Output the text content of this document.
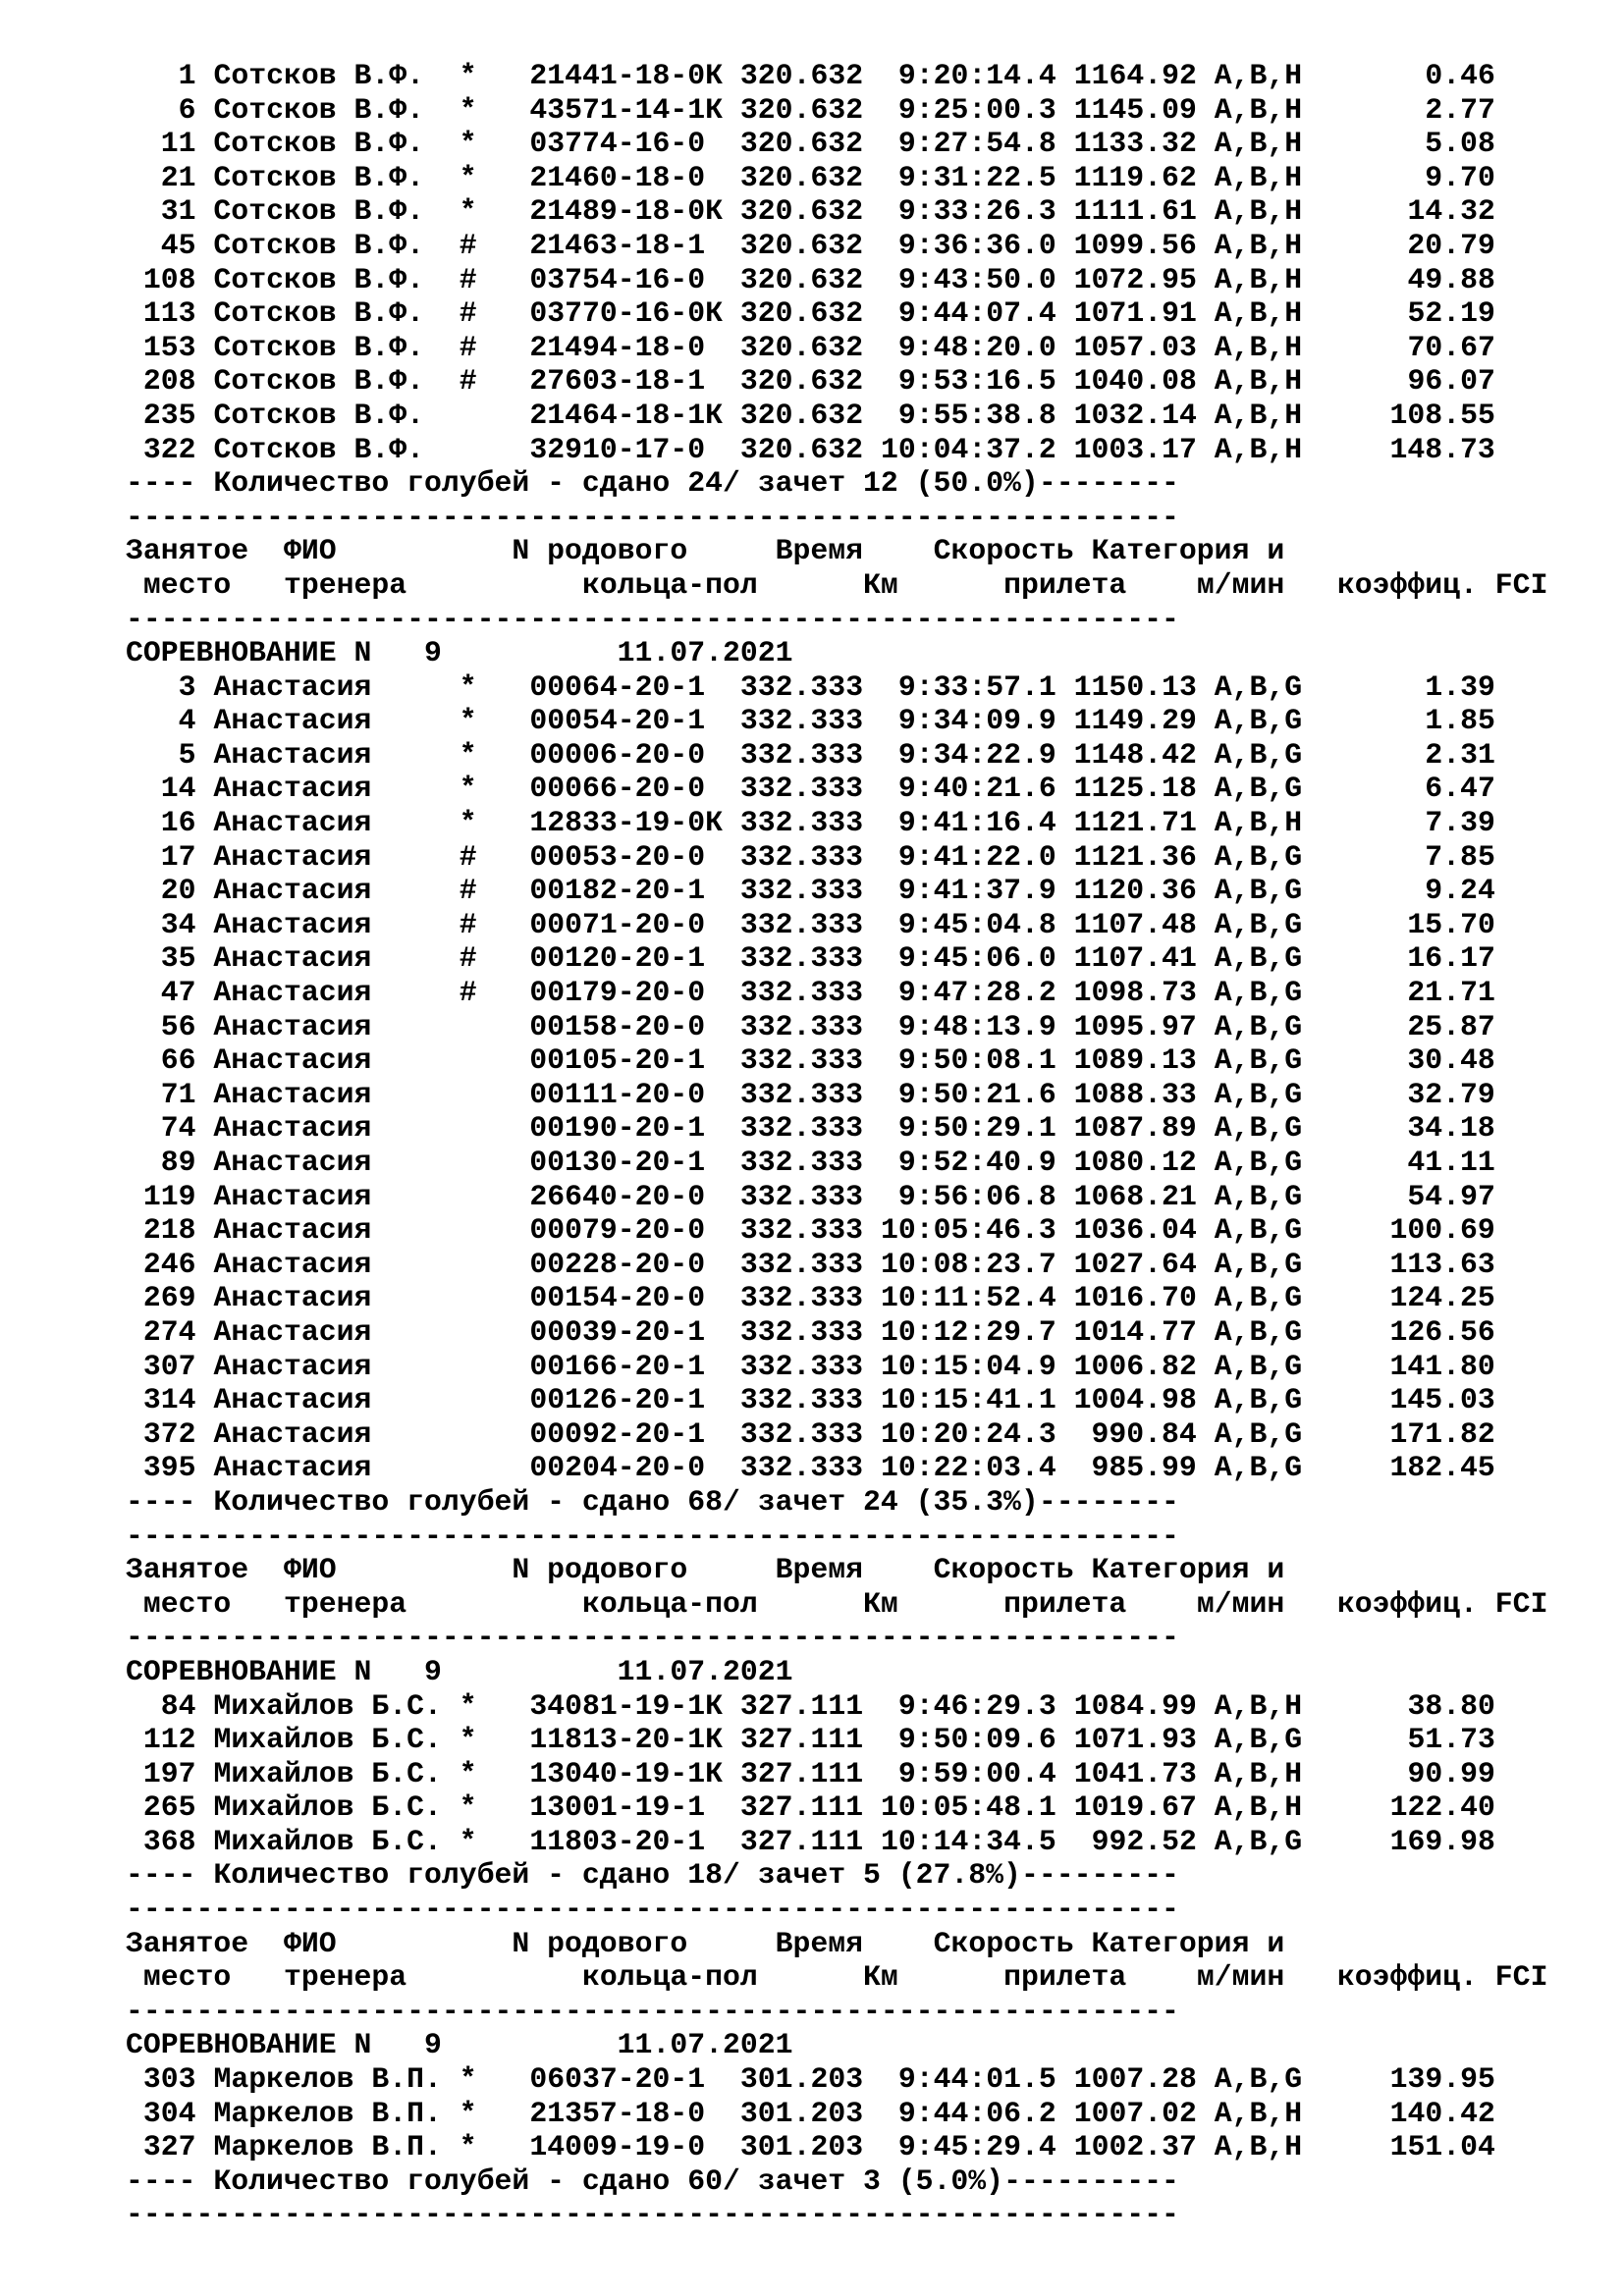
1 Сотсков В.Ф. * 21441-18-0К 320.632 9:20:14.4 1164.92 A,B,H	0.46
6 Сотсков В.Ф. * 43571-14-1К 320.632 9:25:00.3 1145.09 A,B,H	2.77
11 Сотсков В.Ф. * 03774-16-0 320.632 9:27:54.8 1133.32 A,B,H	5.08
21 Сотсков В.Ф. * 21460-18-0 320.632 9:31:22.5 1119.62 A,B,H	9.70
31 Сотсков В.Ф. * 21489-18-0К 320.632 9:33:26.3 1111.61 A,B,H	14.32
45 Сотсков В.Ф. # 21463-18-1 320.632 9:36:36.0 1099.56 A,B,H	20.79
108 Сотсков В.Ф. # 03754-16-0 320.632 9:43:50.0 1072.95 A,B,H	49.88
113 Сотсков В.Ф. # 03770-16-0К 320.632 9:44:07.4 1071.91 A,B,H	52.19
153 Сотсков В.Ф. # 21494-18-0 320.632 9:48:20.0 1057.03 A,B,H	70.67
208 Сотсков В.Ф. # 27603-18-1 320.632 9:53:16.5 1040.08 A,B,H	96.07
235 Сотсков В.Ф.	21464-18-1К 320.632 9:55:38.8 1032.14 A,B,H	108.55
322 Сотсков В.Ф.	32910-17-0 320.632 10:04:37.2 1003.17 A,B,H	148.73
---- Количество голубей - сдано 24/ зачет 12 (50.0%)--------
------------------------------------------------------------
Занятое ФИО	N родового	Время Скорость Категория и
место тренера	кольца-пол	Км	прилета м/мин коэффиц. FCI
------------------------------------------------------------
СОРЕВНОВАНИЕ N   9	11.07.2021
3 Анастасия	* 00064-20-1 332.333 9:33:57.1 1150.13 A,B,G	1.39
4 Анастасия	* 00054-20-1 332.333 9:34:09.9 1149.29 A,B,G	1.85
5 Анастасия	* 00006-20-0 332.333 9:34:22.9 1148.42 A,B,G	2.31
14 Анастасия	* 00066-20-0 332.333 9:40:21.6 1125.18 A,B,G	6.47
16 Анастасия	* 12833-19-0К 332.333 9:41:16.4 1121.71 A,B,H	7.39
17 Анастасия	# 00053-20-0 332.333 9:41:22.0 1121.36 A,B,G	7.85
20 Анастасия	# 00182-20-1 332.333 9:41:37.9 1120.36 A,B,G	9.24
34 Анастасия	# 00071-20-0 332.333 9:45:04.8 1107.48 A,B,G	15.70
35 Анастасия	# 00120-20-1 332.333 9:45:06.0 1107.41 A,B,G	16.17
47 Анастасия	# 00179-20-0 332.333 9:47:28.2 1098.73 A,B,G	21.71
56 Анастасия	00158-20-0 332.333 9:48:13.9 1095.97 A,B,G	25.87
66 Анастасия	00105-20-1 332.333 9:50:08.1 1089.13 A,B,G	30.48
71 Анастасия	00111-20-0 332.333 9:50:21.6 1088.33 A,B,G	32.79
74 Анастасия	00190-20-1 332.333 9:50:29.1 1087.89 A,B,G	34.18
89 Анастасия	00130-20-1 332.333 9:52:40.9 1080.12 A,B,G	41.11
119 Анастасия	26640-20-0 332.333 9:56:06.8 1068.21 A,B,G	54.97
218 Анастасия	00079-20-0 332.333 10:05:46.3 1036.04 A,B,G	100.69
246 Анастасия	00228-20-0 332.333 10:08:23.7 1027.64 A,B,G	113.63
269 Анастасия	00154-20-0 332.333 10:11:52.4 1016.70 A,B,G	124.25
274 Анастасия	00039-20-1 332.333 10:12:29.7 1014.77 A,B,G	126.56
307 Анастасия	00166-20-1 332.333 10:15:04.9 1006.82 A,B,G	141.80
314 Анастасия	00126-20-1 332.333 10:15:41.1 1004.98 A,B,G	145.03
372 Анастасия	00092-20-1 332.333 10:20:24.3 990.84 A,B,G	171.82
395 Анастасия	00204-20-0 332.333 10:22:03.4 985.99 A,B,G	182.45
---- Количество голубей - сдано 68/ зачет 24 (35.3%)--------
------------------------------------------------------------
Занятое ФИО	N родового	Время Скорость Категория и
место тренера	кольца-пол	Км	прилета м/мин коэффиц. FCI
------------------------------------------------------------
СОРЕВНОВАНИЕ N   9	11.07.2021
84 Михайлов Б.С. * 34081-19-1К 327.111 9:46:29.3 1084.99 A,B,H	38.80
112 Михайлов Б.С. * 11813-20-1К 327.111 9:50:09.6 1071.93 A,B,G	51.73
197 Михайлов Б.С. * 13040-19-1К 327.111 9:59:00.4 1041.73 A,B,H	90.99
265 Михайлов Б.С. * 13001-19-1 327.111 10:05:48.1 1019.67 A,B,H	122.40
368 Михайлов Б.С. * 11803-20-1 327.111 10:14:34.5 992.52 A,B,G	169.98
---- Количество голубей - сдано 18/ зачет 5 (27.8%)---------
------------------------------------------------------------
Занятое ФИО	N родового	Время Скорость Категория и
место тренера	кольца-пол	Км	прилета м/мин коэффиц. FCI
------------------------------------------------------------
СОРЕВНОВАНИЕ N   9	11.07.2021
303 Маркелов В.П. * 06037-20-1 301.203 9:44:01.5 1007.28 A,B,G	139.95
304 Маркелов В.П. * 21357-18-0 301.203 9:44:06.2 1007.02 A,B,H	140.42
327 Маркелов В.П. * 14009-19-0 301.203 9:45:29.4 1002.37 A,B,H	151.04
---- Количество голубей - сдано 60/ зачет 3 (5.0%)----------
------------------------------------------------------------
